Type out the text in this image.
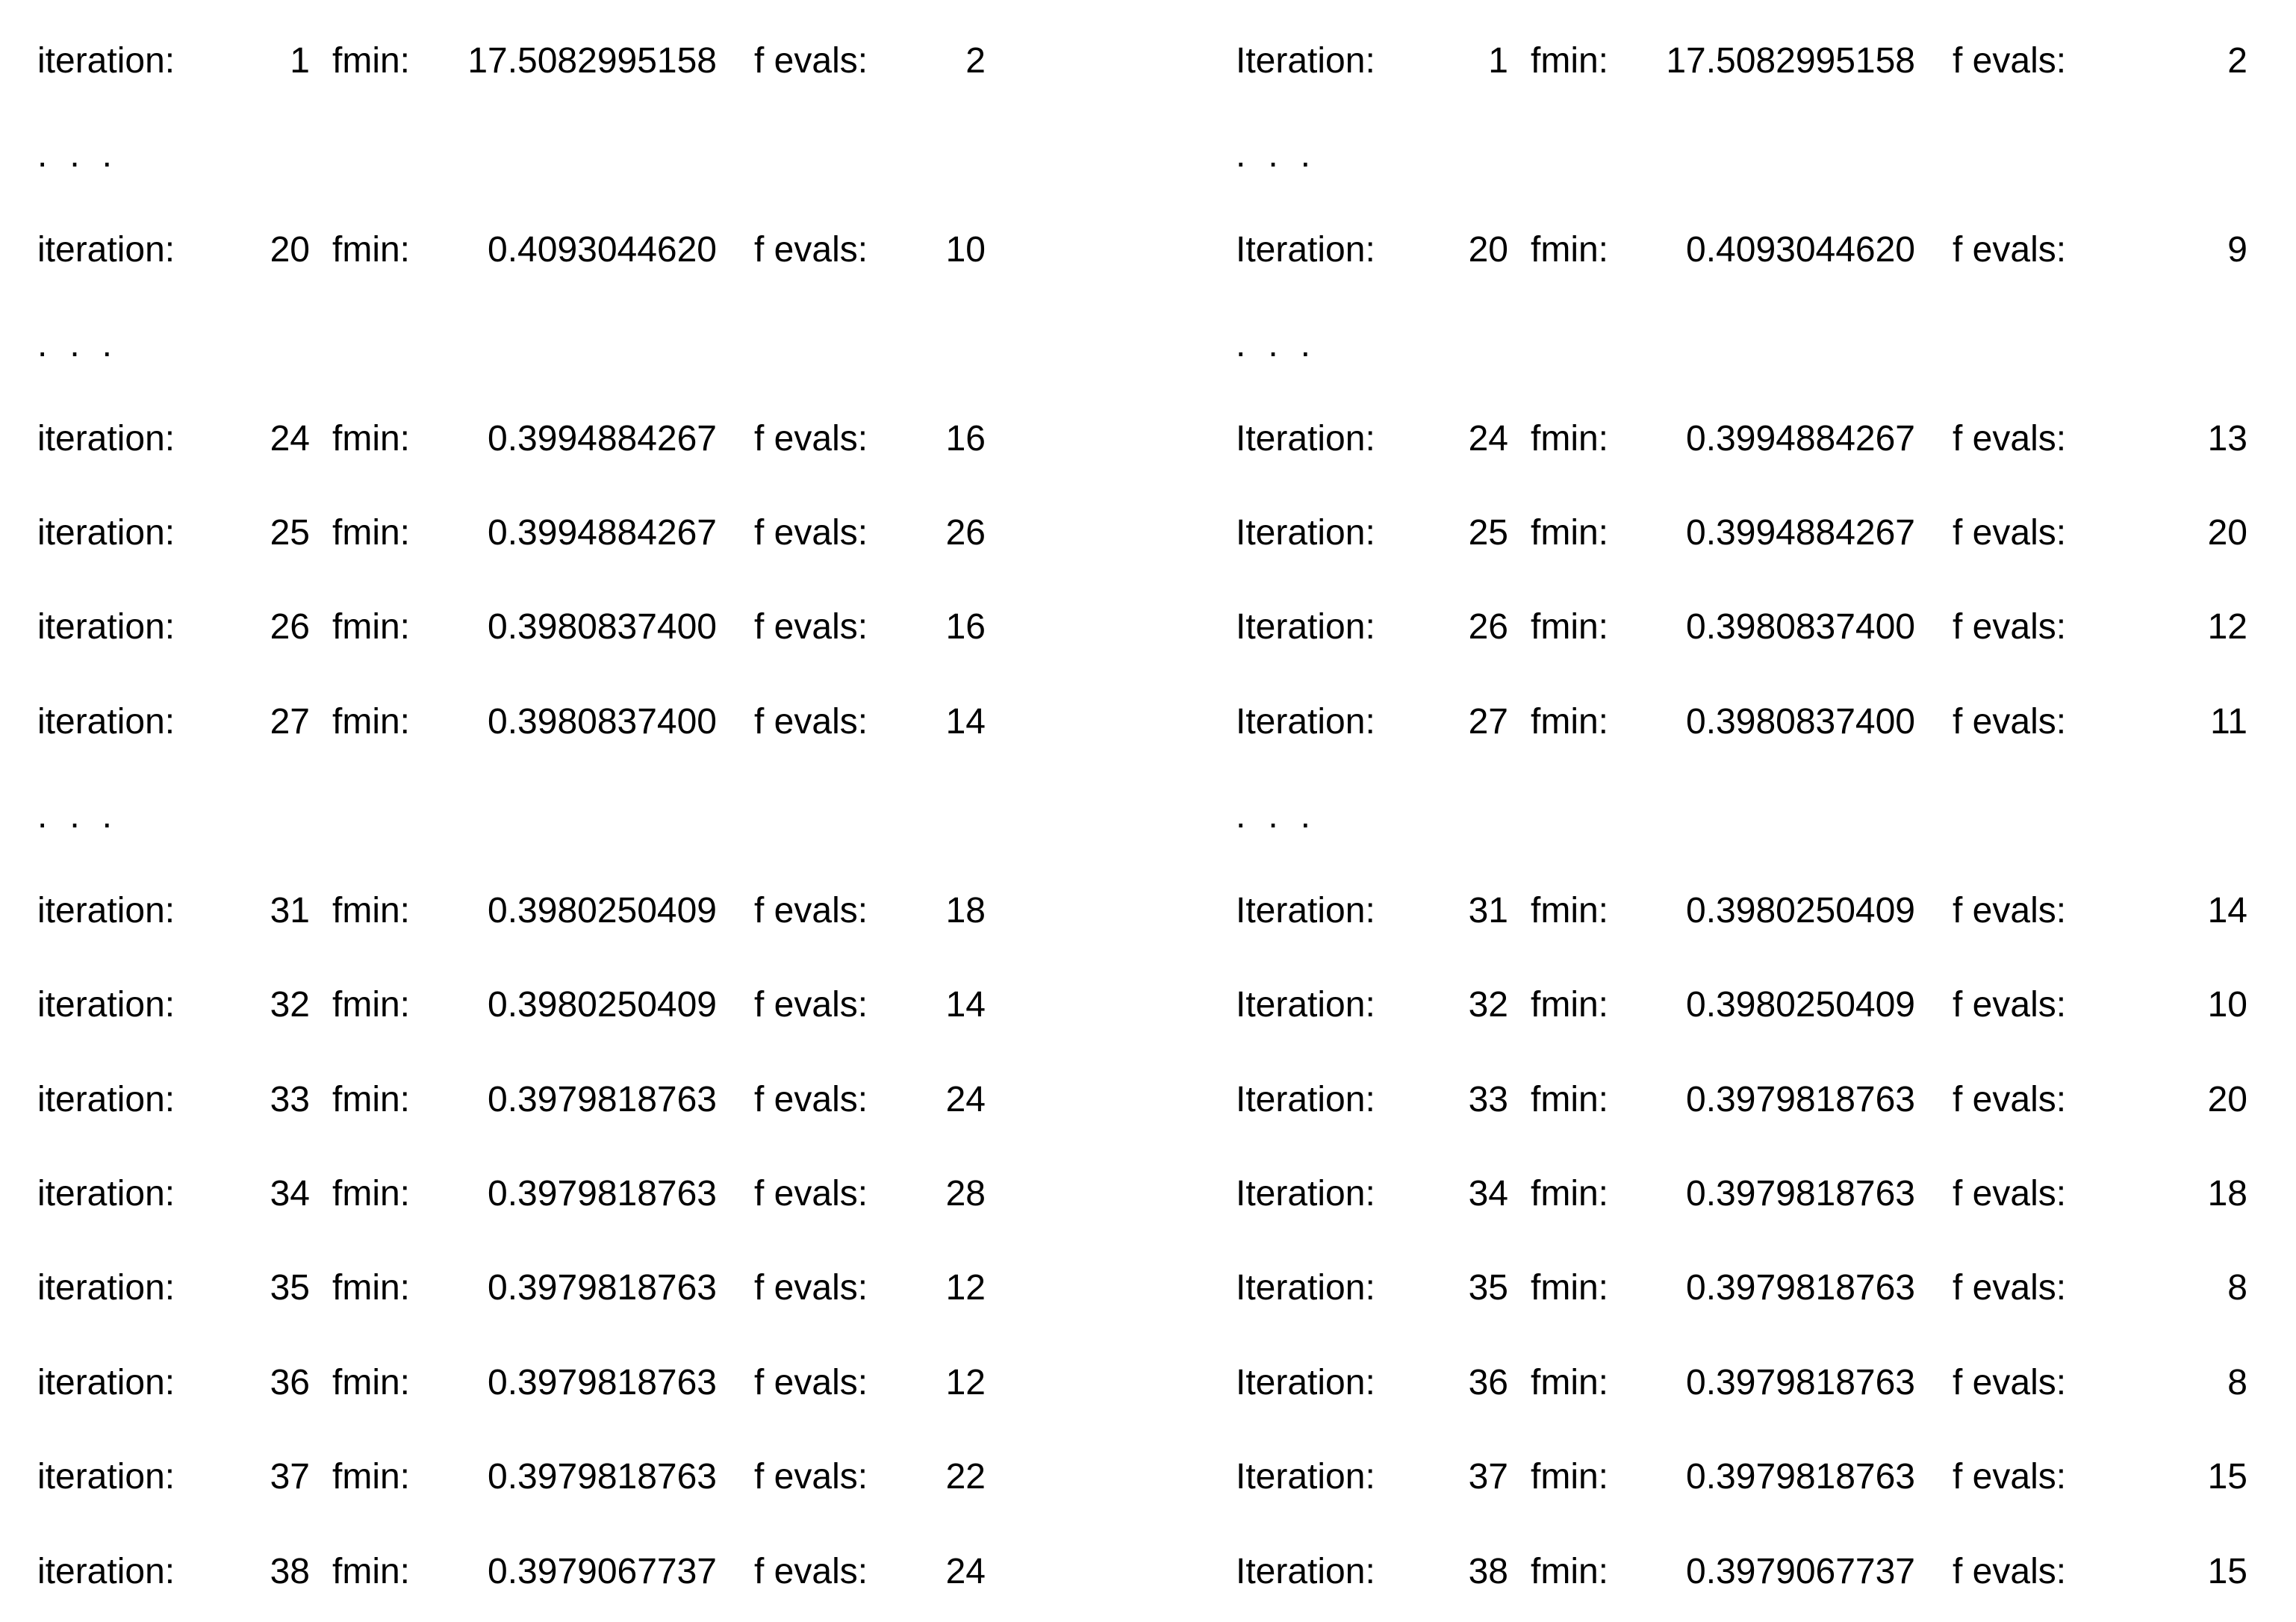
iteration:	1 fmin:	17.5082995158 f evals:	2
iteration:	20 fmin:	0.4093044620 f evals:	10
iteration:	24 fmin:	0.3994884267 f evals:	16
iteration:	25 fmin:	0.3994884267 f evals:	26
iteration:	26 fmin:	0.3980837400 f evals:	16
iteration:	27 fmin:	0.3980837400 f evals:	14
iteration:	31 fmin:	0.3980250409 f evals:	18
iteration:	32 fmin:	0.3980250409 f evals:	14
iteration:	33 fmin:	0.3979818763 f evals:	24
iteration:	34 fmin:	0.3979818763 f evals:	28
iteration:	35 fmin:	0.3979818763 f evals:	12
iteration:	36 fmin:	0.3979818763 f evals:	12
iteration:	37 fmin:	0.3979818763 f evals:	22
iteration:	38 fmin:	0.3979067737 f evals:	24
...
...
...
Iteration:	1 fmin:	17.5082995158 f evals:	2
Iteration:	20 fmin:	0.4093044620 f evals:	9
Iteration:	24 fmin:	0.3994884267 f evals:	13
Iteration:	25 fmin:	0.3994884267 f evals:	20
Iteration:	26 fmin:	0.3980837400 f evals:	12
Iteration:	27 fmin:	0.3980837400 f evals:	11
Iteration:	31 fmin:	0.3980250409 f evals:	14
Iteration:	32 fmin:	0.3980250409 f evals:	10
Iteration:	33 fmin:	0.3979818763 f evals:	20
Iteration:	34 fmin:	0.3979818763 f evals:	18
Iteration:	35 fmin:	0.3979818763 f evals:	8
Iteration:	36 fmin:	0.3979818763 f evals:	8
Iteration:	37 fmin:	0.3979818763 f evals:	15
Iteration:	38 fmin:	0.3979067737 f evals:	15
...
...
...
